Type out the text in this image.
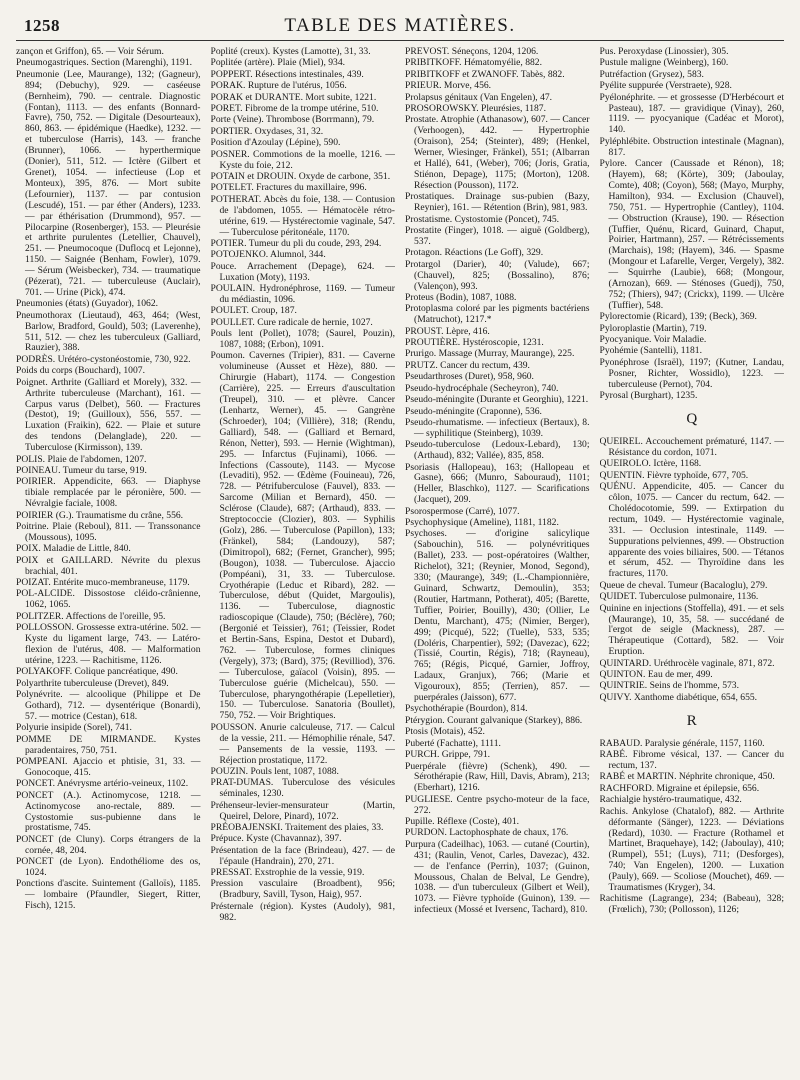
1258	TABLE DES MATIÈRES.
zançon et Griffon), 65. — Voir Sérum.
Pneumogastriques. Section (Marenghi), 1191.
Pneumonie (Lee, Maurange), 132; (Gagneur), 894; (Debuchy), 929. — caséeuse (Bernheim), 790. — centrale. Diagnostic (Fontan), 1113. — des enfants (Bonnard-Favre), 750, 752. — Digitale (Desourteaux), 860, 863. — épidémique (Haedke), 1232. — et tuberculose (Harris), 143. — franche (Brunner), 1066. — hyperthermique (Donier), 511, 512. — Ictère (Gilbert et Grenet), 1054. — infectieuse (Lop et Monteux), 395, 876. — Mort subite (Lefournier), 1137. — par contusion (Lescudé), 151. — par éther (Anders), 1233. — par éthérisation (Drummond), 957. — Pilocarpine (Rosenberger), 153. — Pleurésie et arthrite purulentes (Letellier, Chauvel), 251. — Pneumocoque (Duflocq et Lejonne), 1150. — Saignée (Benham, Fowler), 1079. — Sérum (Weisbecker), 734. — traumatique (Pézerat), 721. — tuberculeuse (Auclair), 701. — Urine (Pick), 474.
Pneumonies (états) (Guyador), 1062.
Pneumothorax (Lieutaud), 463, 464; (West, Barlow, Bradford, Gould), 503; (Laverenhe), 511, 512. — chez les tuberculeux (Galliard, Rauzier), 388.
PODRÈS. Urétéro-cystonéostomie, 730, 922.
Poids du corps (Bouchard), 1007.
Poignet. Arthrite (Galliard et Morely), 332. — Arthrite tuberculeuse (Marchant), 161. — Carpus varus (Delbet), 560. — Fractures (Destot), 19; (Guilloux), 556, 557. — Luxation (Fraikin), 622. — Plaie et suture des tendons (Delanglade), 220. — Tuberculose (Kirmisson), 139.
POLIS. Plaie de l'abdomen, 1207.
POINEAU. Tumeur du tarse, 919.
POIRIER. Appendicite, 663. — Diaphyse tibiale remplacée par le péronière, 500. — Névralgie faciale, 1008.
POIRIER (G.). Traumatisme du crâne, 556.
Poitrine. Plaie (Reboul), 811. — Transsonance (Moussous), 1095.
POIX. Maladie de Little, 840.
POIX et GAILLARD. Névrite du plexus brachial, 401.
POIZAT. Entérite muco-membraneuse, 1179.
POL-ALCIDE. Dissostose cléido-crânienne, 1062, 1065.
POLITZER. Affections de l'oreille, 95.
POLLOSSON. Grossesse extra-utérine. 502. — Kyste du ligament large, 743. — Latéro-flexion de l'utérus, 408. — Malformation utérine, 1223. — Rachitisme, 1126.
POLYAKOFF. Colique pancréatique, 490.
Polyarthrite tuberculeuse (Drevet), 849.
Polynévrite. — alcoolique (Philippe et De Gothard), 712. — dysentérique (Bonardi), 57. — motrice (Cestan), 618.
Polyurie insipide (Sorel), 741.
POMME DE MIRMANDE. Kystes paradentaires, 750, 751.
POMPEANI. Ajaccio et phtisie, 31, 33. — Gonocoque, 415.
PONCET. Anévrysme artério-veineux, 1102.
PONCET (A.). Actinomycose, 1218. — Actinomycose ano-rectale, 889. — Cystostomie sus-pubienne dans le prostatisme, 745.
PONCET (de Cluny). Corps étrangers de la cornée, 48, 204.
PONCET (de Lyon). Endothéliome des os, 1024.
Ponctions d'ascite. Suintement (Galloïs), 1185. — lombaire (Pfaundler, Siegert, Ritter, Fisch), 1215.
Poplité (creux). Kystes (Lamotte), 31, 33.
Poplitée (artère). Plaie (Miel), 934.
POPPERT. Résections intestinales, 439.
PORAK. Rupture de l'utérus, 1056.
PORAK et DURANTE. Mort subite, 1221.
PORET. Fibrome de la trompe utérine, 510.
Porte (Veine). Thrombose (Borrmann), 79.
PORTIER. Oxydases, 31, 32.
Position d'Azoulay (Lépine), 590.
POSNER. Commotions de la moelle, 1216. — Kyste du foie, 212.
POTAIN et DROUIN. Oxyde de carbone, 351.
POTELET. Fractures du maxillaire, 996.
POTHERAT. Abcès du foie, 138. — Contusion de l'abdomen, 1055. — Hématocèle rétro-utérine, 619. — Hystérectomie vaginale, 547. — Tuberculose péritonéale, 1170.
POTIER. Tumeur du pli du coude, 293, 294.
POTOJENKO. Alumnol, 344.
Pouce. Arrachement (Depage), 624. — Luxation (Moty), 1193.
POULAIN. Hydronéphrose, 1169. — Tumeur du médiastin, 1096.
POULET. Croup, 187.
POULLET. Cure radicale de hernie, 1027.
Pouls lent (Pollet), 1078; (Saurel, Pouzin), 1087, 1088; (Erbon), 1091.
Poumon. Cavernes (Tripier), 831. — Caverne volumineuse (Ausset et Hèze), 880. — Chirurgie (Habart), 1174. — Congestion (Carrière), 225. — Erreurs d'auscultation (Treupel), 310. — et plèvre. Cancer (Lenhartz, Werner), 45. — Gangrène (Schroeder), 104; (Villière), 318; (Rendu, Galliard), 548. — (Galliard et Bernard, Rénon, Netter), 593. — Hernie (Wightman), 295. — Infarctus (Fujinami), 1066. — Infections (Cassoute), 1143. — Mycose (Levaditi), 952. — Œdème (Fouineau), 726, 728. — Pétrifuberculose (Fauvel), 833. — Sarcome (Milian et Bernard), 450. — Sclérose (Claude), 687; (Arthaud), 833. — Streptococcie (Clozier), 803. — Syphilis (Golz), 286. — Tuberculose (Papillon), 133; (Fränkel), 584; (Landouzy), 587; (Dimitropol), 682; (Fernet, Grancher), 995; (Bougon), 1038. — Tuberculose. Ajaccio (Pompéani), 31, 33. — Tuberculose. Cryothérapie (Leduc et Ribard), 282. — Tuberculose, début (Quidet, Margoulis), 1136. — Tuberculose, diagnostic radioscopique (Claude), 750; (Béclère), 760; (Bergonié et Teissier), 761; (Teissier, Rodet et Bertin-Sans, Espina, Destot et Dubard), 762. — Tuberculose, formes cliniques (Vergely), 373; (Bard), 375; (Revilliod), 376. — Tuberculose, gaïacol (Voisin), 895. — Tuberculose guérie (Michelcau), 550. — Tuberculose, pharyngothérapie (Lepelletier), 150. — Tuberculose. Sanatoria (Boullet), 750, 752. — Voir Brightiques.
POUSSON. Anurie calculeuse, 717. — Calcul de la vessie, 211. — Hémophilie rénale, 547. — Pansements de la vessie, 1193. — Réjection prostatique, 1172.
POUZIN. Pouls lent, 1087, 1088.
PRAT-DUMAS. Tuberculose des vésicules séminales, 1230.
Préhenseur-levier-mensurateur (Martin, Queirel, Delore, Pinard), 1072.
PRÉOBAJENSKI. Traitement des plaies, 33.
Prépuce. Kyste (Chavannaz), 397.
Présentation de la face (Brindeau), 427. — de l'épaule (Handrain), 270, 271.
PRESSAT. Exstrophie de la vessie, 919.
Pression vasculaire (Broadbent), 956; (Bradbury, Savill, Tyson, Haig), 957.
Présternale (région). Kystes (Audoly), 981, 982.
PRÉVOST. Séneçons, 1204, 1206.
PRIBITKOFF. Hématomyélie, 882.
PRIBITKOFF et ZWANOFF. Tabès, 882.
PRIEUR. Morve, 456.
Prolapsus génitaux (Van Engelen), 47.
PROSOROWSKY. Pleurésies, 1187.
Prostate. Atrophie (Athanasow), 607. — Cancer (Verhoogen), 442. — Hypertrophie (Oraison), 254; (Steinter), 489; (Henkel, Werner, Wiesinger, Fränkel), 551; (Albarran et Hallé), 641, (Weber), 706; (Joris, Gratia, Stiénon, Depage), 1175; (Morton), 1208. Résection (Pousson), 1172.
Prostatiques. Drainage sus-pubien (Bazy, Reynier), 161. — Rétention (Brin), 981, 983.
Prostatisme. Cystostomie (Poncet), 745.
Prostatite (Finger), 1018. — aiguë (Goldberg), 537.
Protagon. Réactions (Le Goff), 329.
Protargol (Darier), 40; (Valude), 667; (Chauvel), 825; (Bossalino), 876; (Valençon), 993.
Proteus (Bodin), 1087, 1088.
Protoplasma coloré par les pigments bactériens (Matruchot), 1217.*
PROUST. Lèpre, 416.
PROUTIÈRE. Hystéroscopie, 1231.
Prurigo. Massage (Murray, Maurange), 225.
PRUTZ. Cancer du rectum, 439.
Pseudarthroses (Duret), 958, 960.
Pseudo-hydrocéphale (Secheyron), 740.
Pseudo-méningite (Durante et Georghiu), 1221.
Pseudo-méningite (Craponne), 536.
Pseudo-rhumatisme. — infectieux (Bertaux), 8. — syphilitique (Steinberg), 1039.
Pseudo-tuberculose (Ledoux-Lebard), 130; (Arthaud), 832; Vallée), 835, 858.
Psoriasis (Hallopeau), 163; (Hallopeau et Gasne), 666; (Munro, Sabouraud), 1101; (Heller, Blaschko), 1127. — Scarifications (Jacquet), 209.
Psorospermose (Carré), 1077.
Psychophysique (Ameline), 1181, 1182.
Psychoses. — d'origine salicylique (Sabouchin), 516. — polynévritiques (Ballet), 233. — post-opératoires (Walther, Richelot), 321; (Reynier, Monod, Segond), 330; (Maurange), 349; (L.-Championnière, Guinard, Schwartz, Demoulin), 353; (Routier, Hartmann, Potherat), 405; (Barette, Tuffier, Poirier, Bouilly), 430; (Ollier, Le Dentu, Marchant), 475; (Nimier, Berger), 499; (Picqué), 522; (Tuelle), 533, 535; (Doléris, Charpentier), 592; (Davezac), 622; (Tissié, Courtin, Régis), 718; (Rayneau), 765; (Régis, Picqué, Garnier, Joffroy, Ladaux, Granjux), 766; (Marie et Vigouroux), 855; (Terrien), 857. — puerpérales (Jaisson), 677.
Psychothérapie (Bourdon), 814.
Ptérygion. Courant galvanique (Starkey), 886.
Ptosis (Motais), 452.
Puberté (Fachatte), 1111.
PURCH. Grippe, 791.
Puerpérale (fièvre) (Schenk), 490. — Sérothérapie (Raw, Hill, Davis, Abram), 213; (Eberhart), 1216.
PUGLIESE. Centre psycho-moteur de la face, 272.
Pupille. Réflexe (Coste), 401.
PURDON. Lactophosphate de chaux, 176.
Purpura (Cadeilhac), 1063. — cutané (Courtin), 431; (Raulin, Venot, Carles, Davezac), 432. — de l'enfance (Perrin), 1037; (Guinon, Moussous, Chalan de Belval, Le Gendre), 1038. — d'un tuberculeux (Gilbert et Weil), 1073. — Fièvre typhoïde (Guinon), 139. — infectieux (Mossé et Iversenc, Tachard), 810.
Pus. Peroxydase (Linossier), 305.
Pustule maligne (Weinberg), 160.
Putréfaction (Grysez), 583.
Pyélite suppurée (Verstraete), 928.
Pyélonéphrite. — et grossesse (D'Herbécourt et Pasteau), 187. — gravidique (Vinay), 260, 1119. — pyocyanique (Cadéac et Morot), 140.
Pyléphlébite. Obstruction intestinale (Magnan), 817.
Pylore. Cancer (Caussade et Rénon), 18; (Hayem), 68; (Körte), 309; (Jaboulay, Comte), 408; (Coyon), 568; (Mayo, Murphy, Hamilton), 934. — Exclusion (Chauvel), 750, 751. — Hypertrophie (Cantley), 1104. — Obstruction (Krause), 190. — Résection (Tuffier, Quénu, Ricard, Guinard, Chaput, Poirier, Hartmann), 257. — Rétrécissements (Marchais), 198; (Hayem), 346. — Spasme (Mongour et Lafarelle, Verger, Vergely), 382. — Squirrhe (Laubie), 668; (Mongour, (Arnozan), 669. — Sténoses (Guedj), 750, 752; (Thiers), 947; (Crickx), 1199. — Ulcère (Tuffier), 548.
Pylorectomie (Ricard), 139; (Beck), 369.
Pyloroplastie (Martin), 719.
Pyocyanique. Voir Maladie.
Pyohémie (Santelli), 1181.
Pyonéphrose (Israël), 1197; (Kutner, Landau, Posner, Richter, Wossidlo), 1223. — tuberculeuse (Pernot), 704.
Pyrosal (Burghart), 1235.
Q
QUEIREL. Accouchement prématuré, 1147. — Résistance du cordon, 1071.
QUEIROLO. Ictère, 1168.
QUENTIN. Fièvre typhoïde, 677, 705.
QUÉNU. Appendicite, 405. — Cancer du côlon, 1075. — Cancer du rectum, 642. — Cholédocotomie, 599. — Extirpation du rectum, 1049. — Hystérectomie vaginale, 331. — Occlusion intestinale, 1149. — Suppurations pelviennes, 499. — Obstruction apparente des voies biliaires, 500. — Tétanos et sérum, 452. — Thyroïdine dans les fractures, 1170.
Queue de cheval. Tumeur (Bacaloglu), 279.
QUIDET. Tuberculose pulmonaire, 1136.
Quinine en injections (Stoffella), 491. — et sels (Maurange), 10, 35, 58. — succédané de l'ergot de seigle (Mackness), 287. — Thérapeutique (Cottard), 582. — Voir Eruption.
QUINTARD. Uréthrocèle vaginale, 871, 872.
QUINTON. Eau de mer, 499.
QUINTRIE. Seins de l'homme, 573.
QUIVY. Xanthome diabétique, 654, 655.
R
RABAUD. Paralysie générale, 1157, 1160.
RABÉ. Fibrome vésical, 137. — Cancer du rectum, 137.
RABÉ et MARTIN. Néphrite chronique, 450.
RACHFORD. Migraine et épilepsie, 656.
Rachialgie hystéro-traumatique, 432.
Rachis. Ankylose (Chatalof), 882. — Arthrite déformante (Sänger), 1223. — Déviations (Redard), 1030. — Fracture (Rothamel et Martinet, Braquehaye), 142; (Jaboulay), 410; (Rumpel), 551; (Luys), 711; (Desforges), 740; Van Engelen), 1200. — Luxation (Pauly), 669. — Scoliose (Mouchet), 469. — Traumatismes (Kryger), 34.
Rachitisme (Lagrange), 234; (Babeau), 328; (Frœlich), 730; (Pollosson), 1126;
